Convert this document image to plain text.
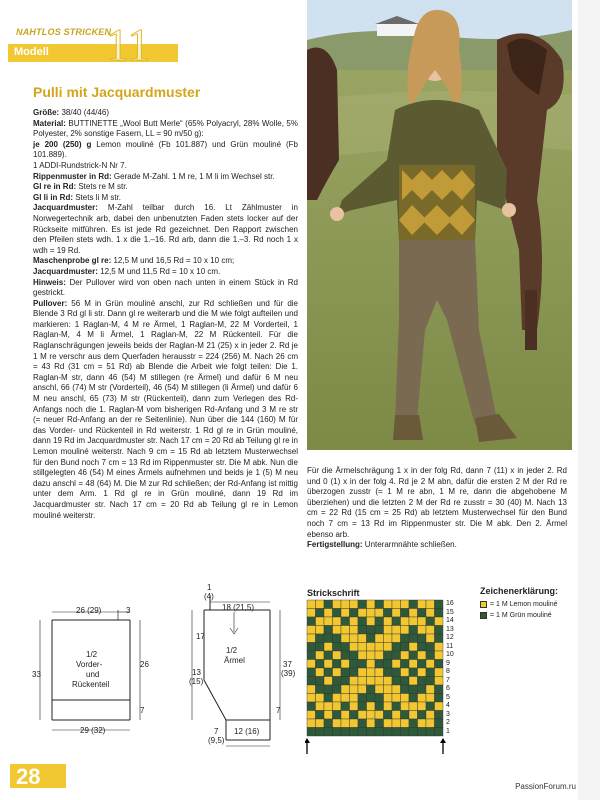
NAHTLOS STRICKEN
Modell 11
Pulli mit Jacquardmuster

Größe: 38/40 (44/46)

Material: BUTTINETTE „Wool Butt Merle“ (65% Polyacryl, 28% Wolle, 5% Polyester, 2% sonstige Fasern, LL = 90 m/50 g):

je 200 (250) g Lemon mouliné (Fb 101.887) und Grün mouliné (Fb 101.889).

1 ADDI-Rundstrick-N Nr 7.

Rippenmuster in Rd: Gerade M-Zahl. 1 M re, 1 M li im Wechsel str.

Gl re in Rd: Stets re M str.

Gl li in Rd: Stets li M str.

Jacquardmuster: M-Zahl teilbar durch 16. Lt Zählmuster in Norwegertechnik arb, dabei den unbenutzten Faden stets locker auf der Rückseite mitführen. Es ist jede Rd gezeichnet. Den Rapport zwischen den Pfeilen stets wdh. 1 x die 1.–16. Rd arb, dann die 1.–3. Rd noch 1 x wdh = 19 Rd.

Maschenprobe gl re: 12,5 M und 16,5 Rd = 10 x 10 cm;

Jacquardmuster: 12,5 M und 11,5 Rd = 10 x 10 cm.

Hinweis: Der Pullover wird von oben nach unten in einem Stück in Rd gestrickt.

Pullover: 56 M in Grün mouliné anschl, zur Rd schließen und für die Blende 3 Rd gl li str. Dann gl re weiterarb und die M wie folgt aufteilen und markieren: 1 Raglan-M, 4 M re Ärmel, 1 Raglan-M, 22 M Vorderteil, 1 Raglan-M, 4 M li Ärmel, 1 Raglan-M, 22 M Rückenteil. Für die Raglanschrägungen jeweils beids der Raglan-M 21 (25) x in jeder 2. Rd je 1 M re verschr aus dem Querfaden herausstr = 224 (256) M. Nach 26 cm = 43 Rd (31 cm = 51 Rd) ab Blende die Arbeit wie folgt teilen: Die 1. Raglan-M str, dann 46 (54) M stillegen (re Ärmel) und dafür 6 M neu anschl, 66 (74) M str (Vorderteil), 46 (54) M stillegen (li Ärmel) und dafür 6 M neu anschl, 65 (73) M str (Rückenteil), dann zum Verlegen des Rd-Anfangs noch die 1. Raglan-M vom bisherigen Rd-Anfang und 3 M re str (= neuer Rd-Anfang an der re Seitenlinie). Nun über die 144 (160) M für das Vorder- und Rückenteil in Rd weiterstr. 1 Rd gl re in Grün mouliné, dann 19 Rd im Jacquardmuster str. Nach 17 cm = 20 Rd ab Teilung gl re in Lemon mouliné weiterstr. Nach 9 cm = 15 Rd ab letztem Musterwechsel für den Bund noch 7 cm = 13 Rd im Rippenmuster str. Die M abk. Nun die stillgelegten 46 (54) M eines Ärmels aufnehmen und beids je 1 (5) M neu dazu anschl = 48 (64) M. Die M zur Rd schließen; der Rd-Anfang ist mittig unter dem Arm. 1 Rd gl re in Grün mouliné, dann 19 Rd im Jacquardmuster str. Nach 17 cm = 20 Rd ab Teilung gl re in Lemon mouliné weiterstr.

Für die Ärmelschrägung 1 x in der folg Rd, dann 7 (11) x in jeder 2. Rd und 0 (1) x in der folg 4. Rd je 2 M abn, dafür die ersten 2 M der Rd re überzogen zusstr (= 1 M re abn, 1 M re, dann die abgehobene M überziehen) und die letzten 2 M der Rd re zusstr = 30 (40) M. Nach 13 cm = 22 Rd (15 cm = 25 Rd) ab letztem Musterwechsel für den Bund noch 7 cm = 13 Rd im Rippenmuster str. Die M abk. Den 2. Ärmel ebenso arb.
Fertigstellung: Unterarmnähte schließen.
26 (29)	3
1/2
Vorder-
und
Rückenteil
33
26
7
29 (32)
1
(4)
18 (21,5)
1/2
Ärmel
17
13
(15)
37
(39)
7
7
(9,5)
12 (16)
Strickschrift
16
15
14
13
12
11
10
9
8
7
6
5
4
3
2
1
Zeichenerklärung:
= 1 M Lemon mouliné
= 1 M Grün mouliné
28	PassionForum.ru
